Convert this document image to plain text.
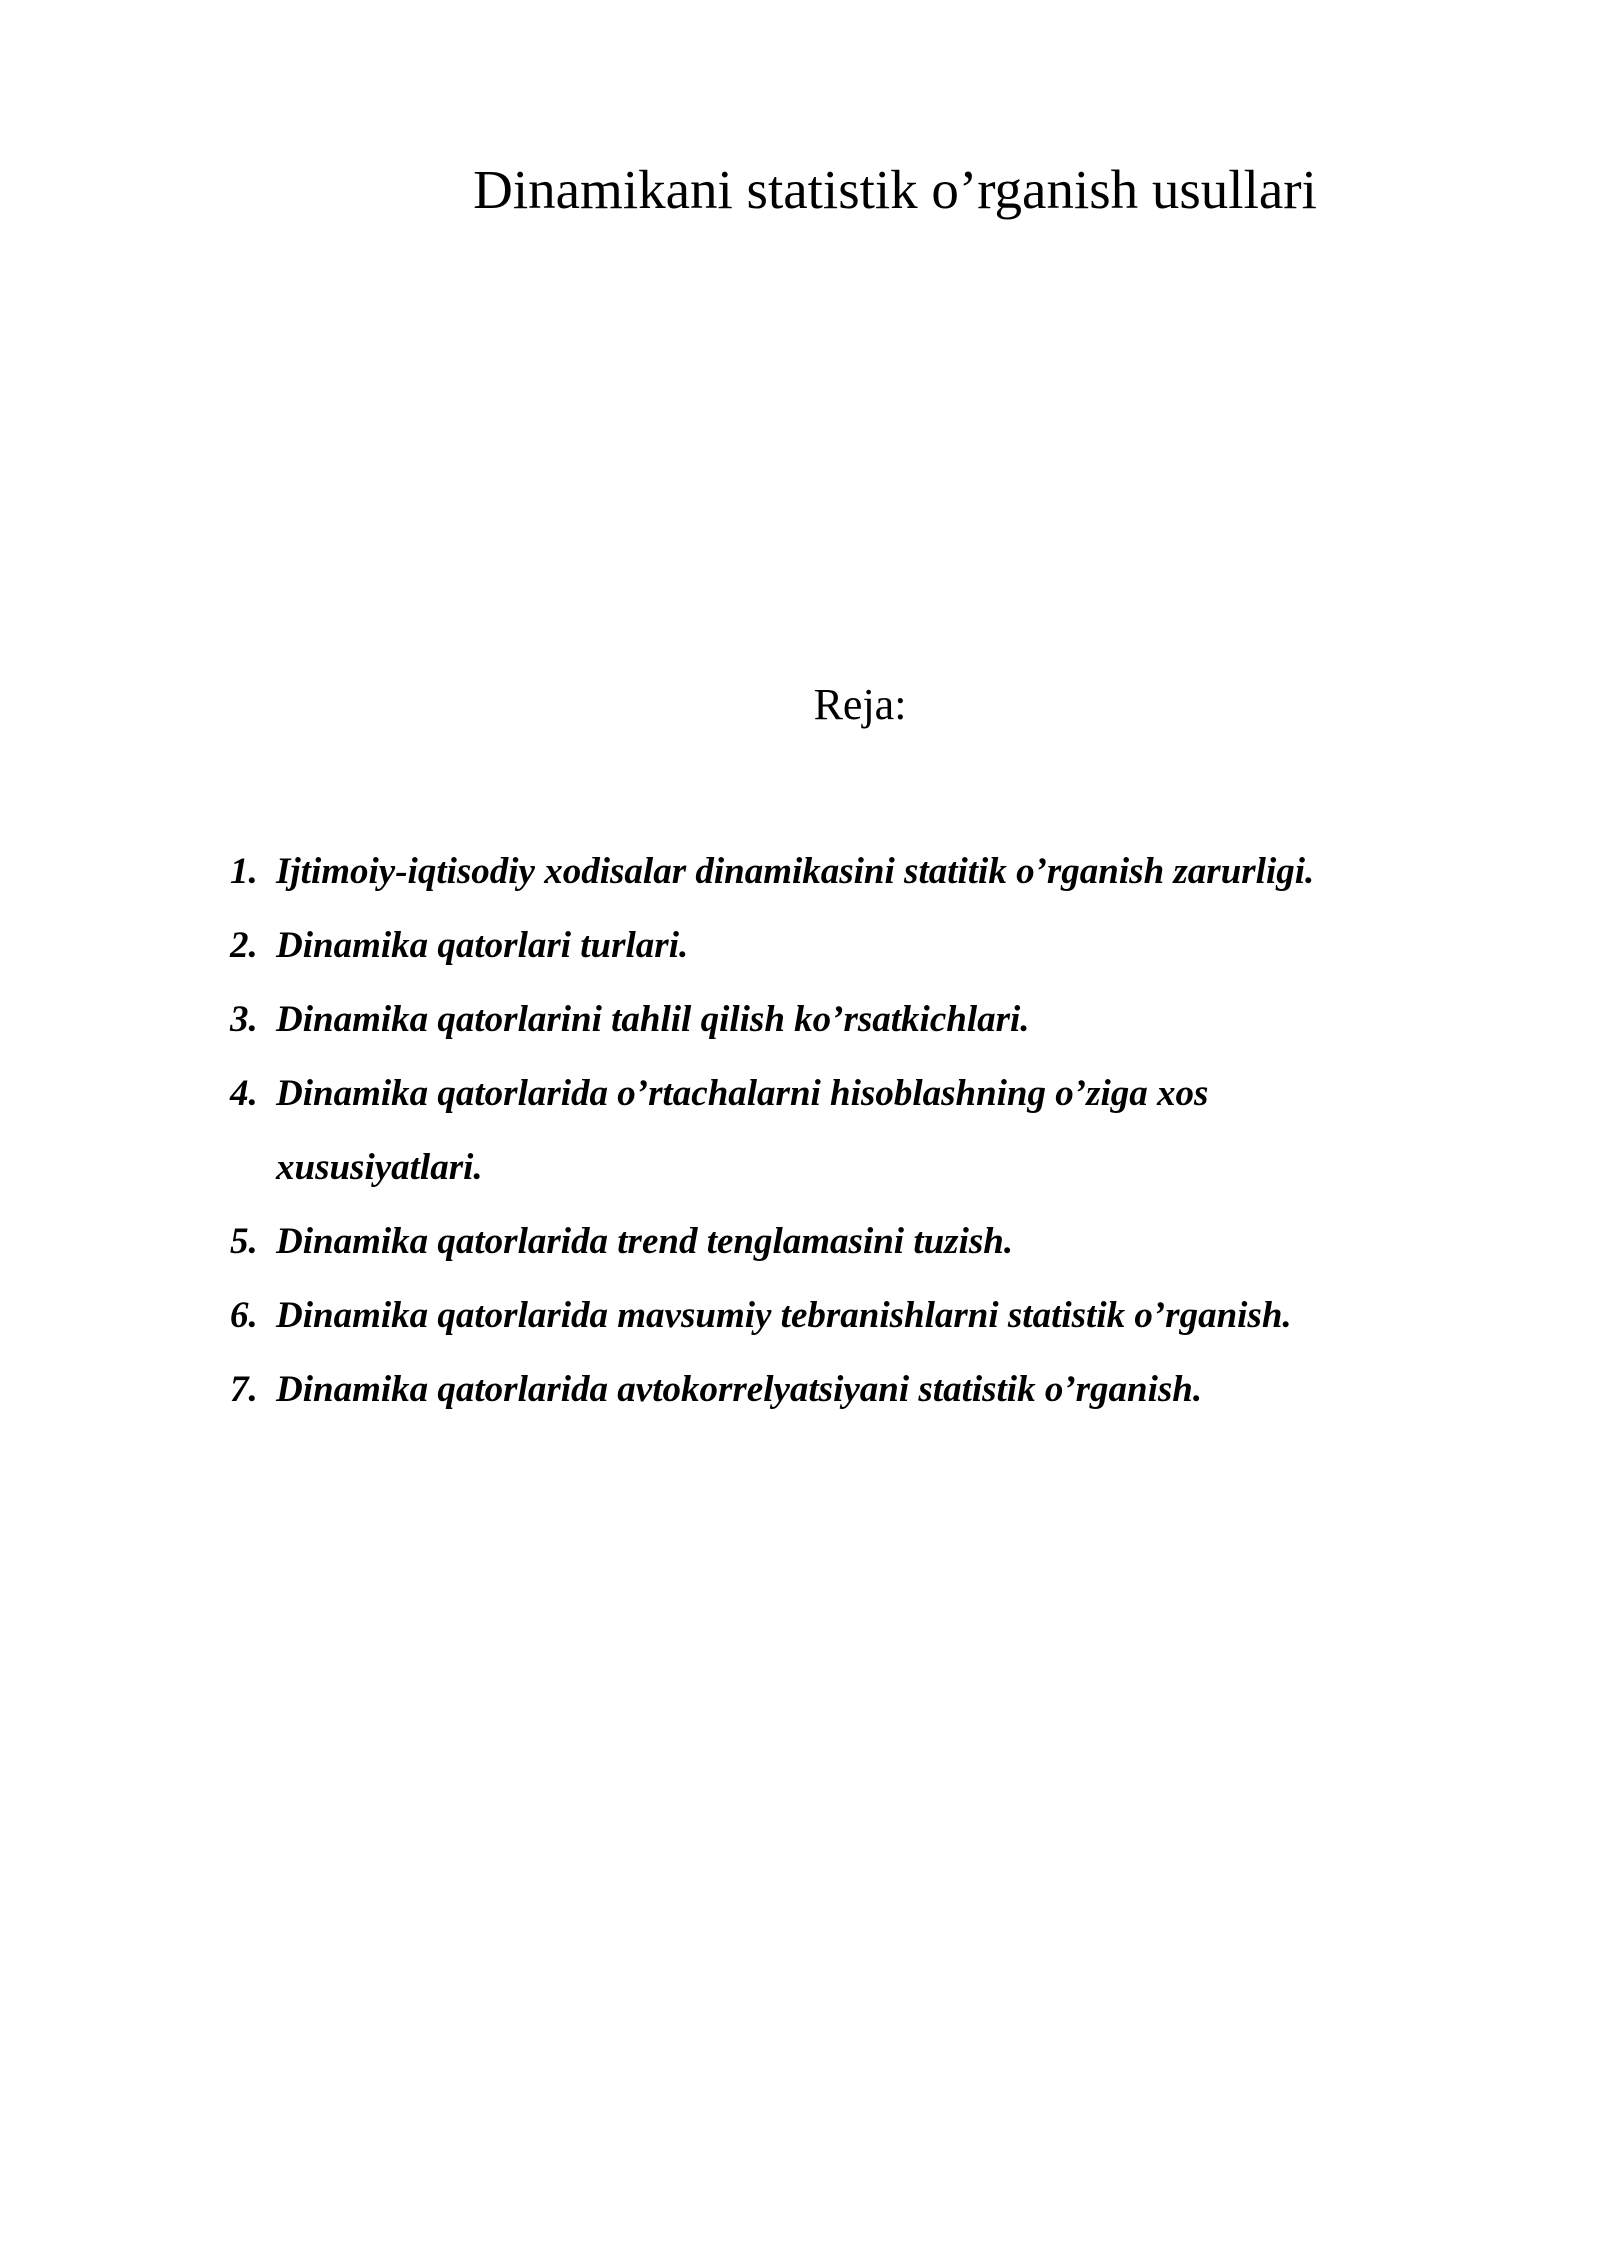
Dinamikani statistik o’rganish usullari

Reja:

1. Ijtimoiy-iqtisodiy xodisalar dinamikasini statitik o’rganish zarurligi.
2. Dinamika qatorlari turlari.
3. Dinamika qatorlarini tahlil qilish ko’rsatkichlari.
4. Dinamika qatorlarida o’rtachalarni hisoblashning o’ziga xos xususiyatlari.
5. Dinamika qatorlarida trend tenglamasini tuzish.
6. Dinamika qatorlarida mavsumiy tebranishlarni statistik o’rganish.
7. Dinamika qatorlarida avtokorrelyatsiyani statistik o’rganish.
